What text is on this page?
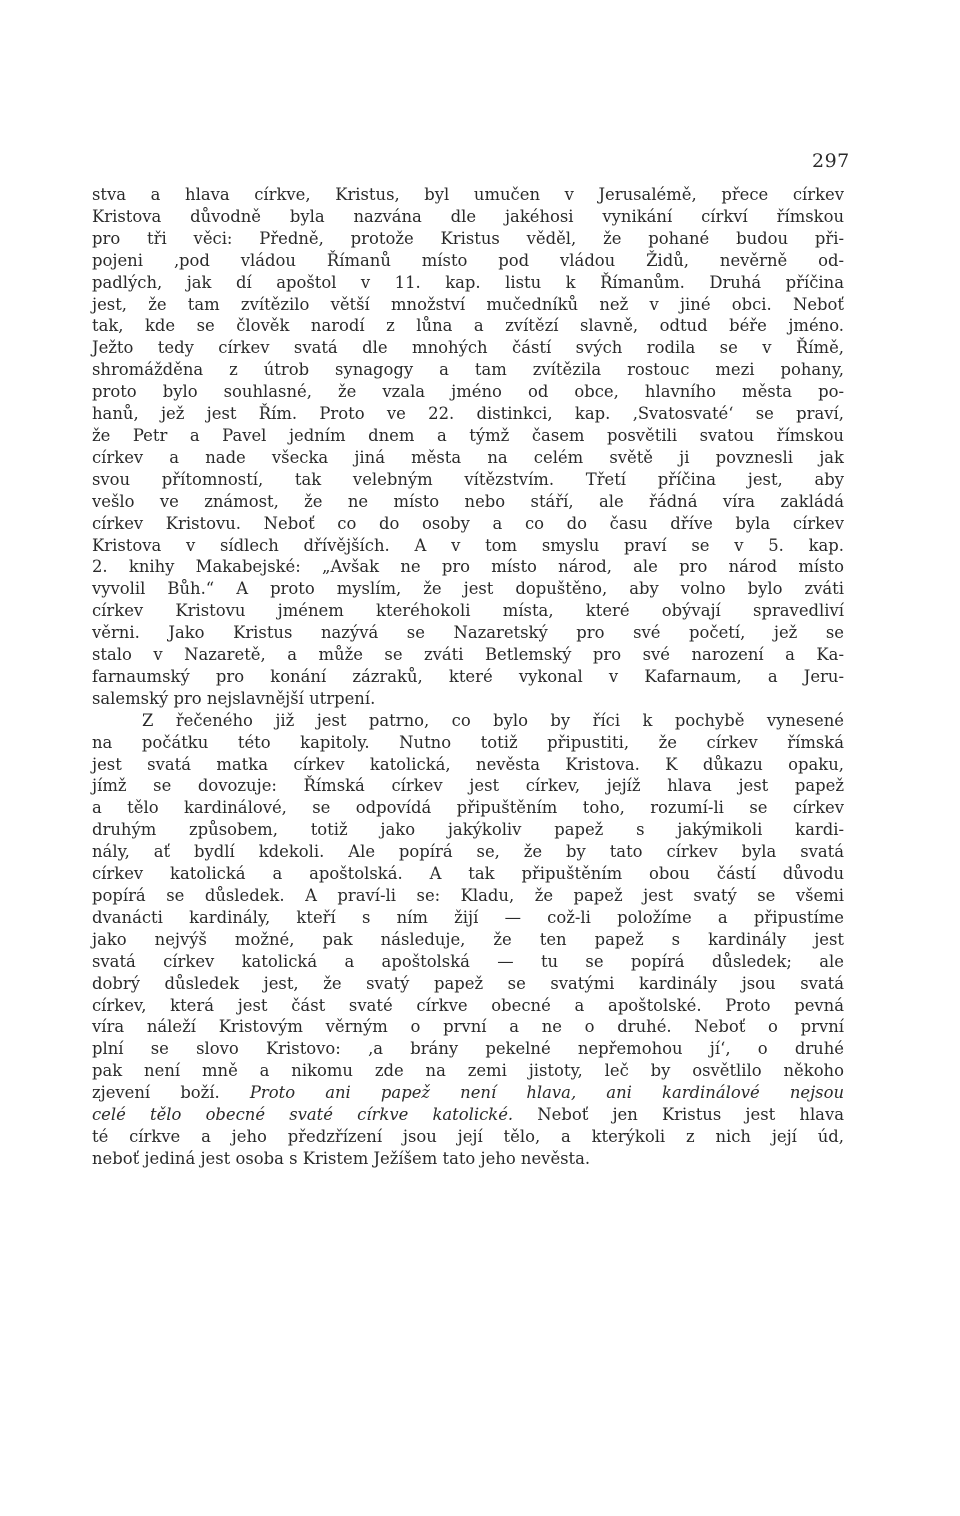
297
stva a hlava církve, Kristus, byl umučen v Jerusalémě, přece církev
Kristova důvodně byla nazvána dle jakéhosi vynikání církví římskou
pro tři věci: Předně, protože Kristus věděl, že pohané budou při-
pojeni ‚pod vládou Římanů místo pod vládou Židů, nevěrně od-
padlých, jak dí apoštol v 11. kap. listu k Římanům. Druhá příčina
jest, že tam zvítězilo větší množství mučedníků než v jiné obci. Neboť
tak, kde se člověk narodí z lůna a zvítězí slavně, odtud béře jméno.
Ježto tedy církev svatá dle mnohých částí svých rodila se v Římě,
shromážděna z útrob synagogy a tam zvítězila rostouc mezi pohany,
proto bylo souhlasné, že vzala jméno od obce, hlavního města po-
hanů, jež jest Řím. Proto ve 22. distinkci, kap. ‚Svatosvaté‘ se praví,
že Petr a Pavel jedním dnem a týmž časem posvětili svatou římskou
církev a nade všecka jiná města na celém světě ji povznesli jak
svou přítomností, tak velebným vítězstvím. Třetí příčina jest, aby
vešlo ve známost, že ne místo nebo stáří, ale řádná víra zakládá
církev Kristovu. Neboť co do osoby a co do času dříve byla církev
Kristova v sídlech dřívějších. A v tom smyslu praví se v 5. kap.
2. knihy Makabejské: „Avšak ne pro místo národ, ale pro národ místo
vyvolil Bůh.“ A proto myslím, že jest dopuštěno, aby volno bylo zváti
církev Kristovu jménem kteréhokoli místa, které obývají spravedliví
věrni. Jako Kristus nazývá se Nazaretský pro své početí, jež se
stalo v Nazaretě, a může se zváti Betlemský pro své narození a Ka-
farnaumský pro konání zázraků, které vykonal v Kafarnaum, a Jeru-
salemský pro nejslavnější utrpení.
Z řečeného již jest patrno, co bylo by říci k pochybě vynesené
na počátku této kapitoly. Nutno totiž připustiti, že církev římská
jest svatá matka církev katolická, nevěsta Kristova. K důkazu opaku,
jímž se dovozuje: Římská církev jest církev, jejíž hlava jest papež
a tělo kardinálové, se odpovídá připuštěním toho, rozumí-li se církev
druhým způsobem, totiž jako jakýkoliv papež s jakýmikoli kardi-
nály, ať bydlí kdekoli. Ale popírá se, že by tato církev byla svatá
církev katolická a apoštolská. A tak připuštěním obou částí důvodu
popírá se důsledek. A praví-li se: Kladu, že papež jest svatý se všemi
dvanácti kardinály, kteří s ním žijí — což-li položíme a připustíme
jako nejvýš možné, pak následuje, že ten papež s kardinály jest
svatá církev katolická a apoštolská — tu se popírá důsledek; ale
dobrý důsledek jest, že svatý papež se svatými kardinály jsou svatá
církev, která jest část svaté církve obecné a apoštolské. Proto pevná
víra náleží Kristovým věrným o první a ne o druhé. Neboť o první
plní se slovo Kristovo: ‚a brány pekelné nepřemohou jí‘, o druhé
pak není mně a nikomu zde na zemi jistoty, leč by osvětlilo někoho
zjevení boží. Proto ani papež není hlava, ani kardinálové nejsou
celé tělo obecné svaté církve katolické. Neboť jen Kristus jest hlava
té církve a jeho předzřízení jsou její tělo, a kterýkoli z nich její úd,
neboť jediná jest osoba s Kristem Ježíšem tato jeho nevěsta.
